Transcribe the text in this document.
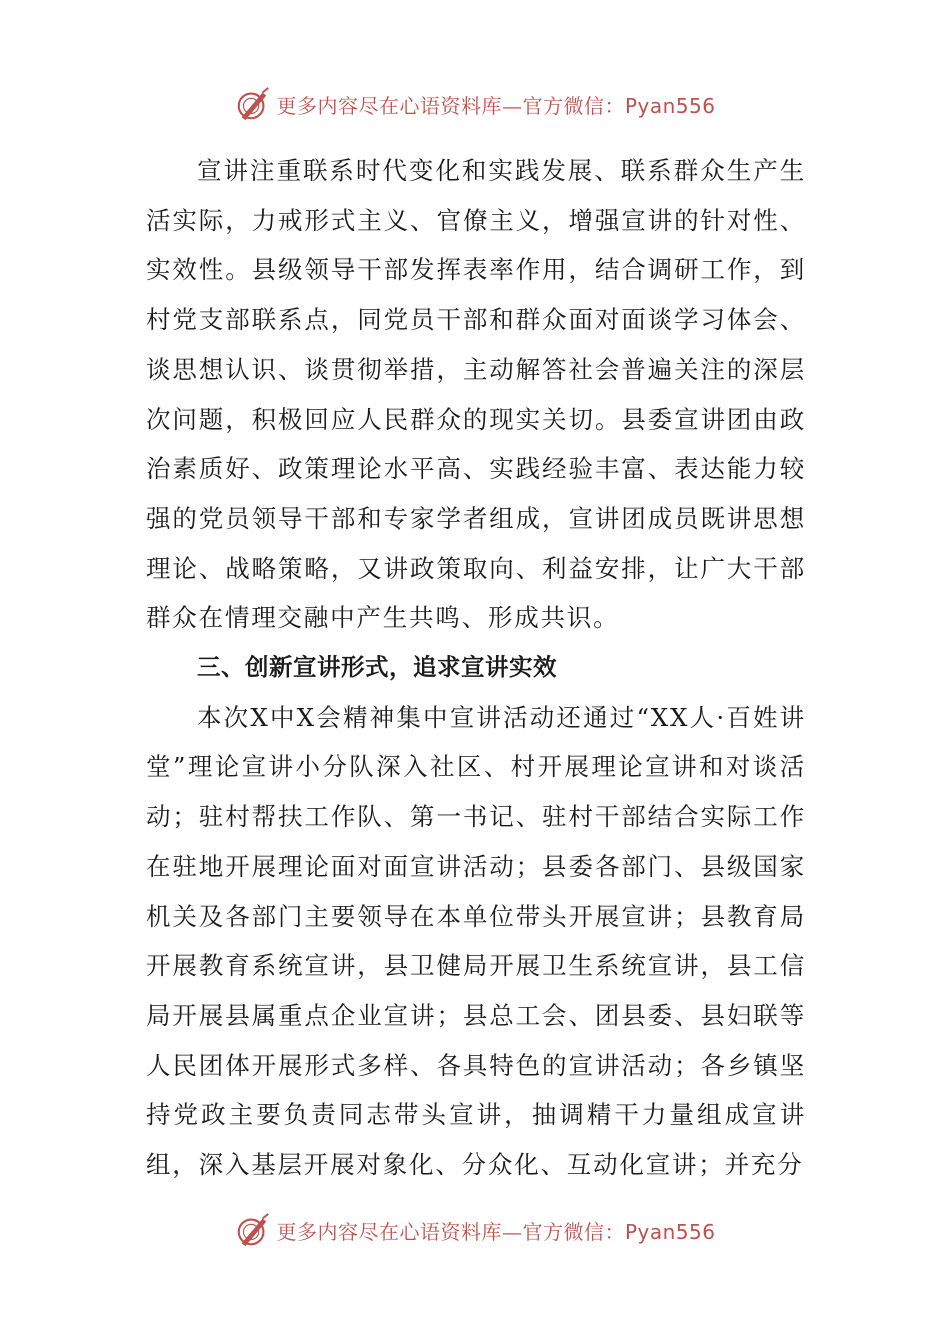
更多内容尽在心语资料库—官方微信：Pyan556

宣讲注重联系时代变化和实践发展、联系群众生产生活实际，力戒形式主义、官僚主义，增强宣讲的针对性、实效性。县级领导干部发挥表率作用，结合调研工作，到村党支部联系点，同党员干部和群众面对面谈学习体会、谈思想认识、谈贯彻举措，主动解答社会普遍关注的深层次问题，积极回应人民群众的现实关切。县委宣讲团由政治素质好、政策理论水平高、实践经验丰富、表达能力较强的党员领导干部和专家学者组成，宣讲团成员既讲思想理论、战略策略，又讲政策取向、利益安排，让广大干部群众在情理交融中产生共鸣、形成共识。

三、创新宣讲形式，追求宣讲实效

本次X中X会精神集中宣讲活动还通过“XX人·百姓讲堂”理论宣讲小分队深入社区、村开展理论宣讲和对谈活动；驻村帮扶工作队、第一书记、驻村干部结合实际工作在驻地开展理论面对面宣讲活动；县委各部门、县级国家机关及各部门主要领导在本单位带头开展宣讲；县教育局开展教育系统宣讲，县卫健局开展卫生系统宣讲，县工信局开展县属重点企业宣讲；县总工会、团县委、县妇联等人民团体开展形式多样、各具特色的宣讲活动；各乡镇坚持党政主要负责同志带头宣讲，抽调精干力量组成宣讲组，深入基层开展对象化、分众化、互动化宣讲；并充分

更多内容尽在心语资料库—官方微信：Pyan556
